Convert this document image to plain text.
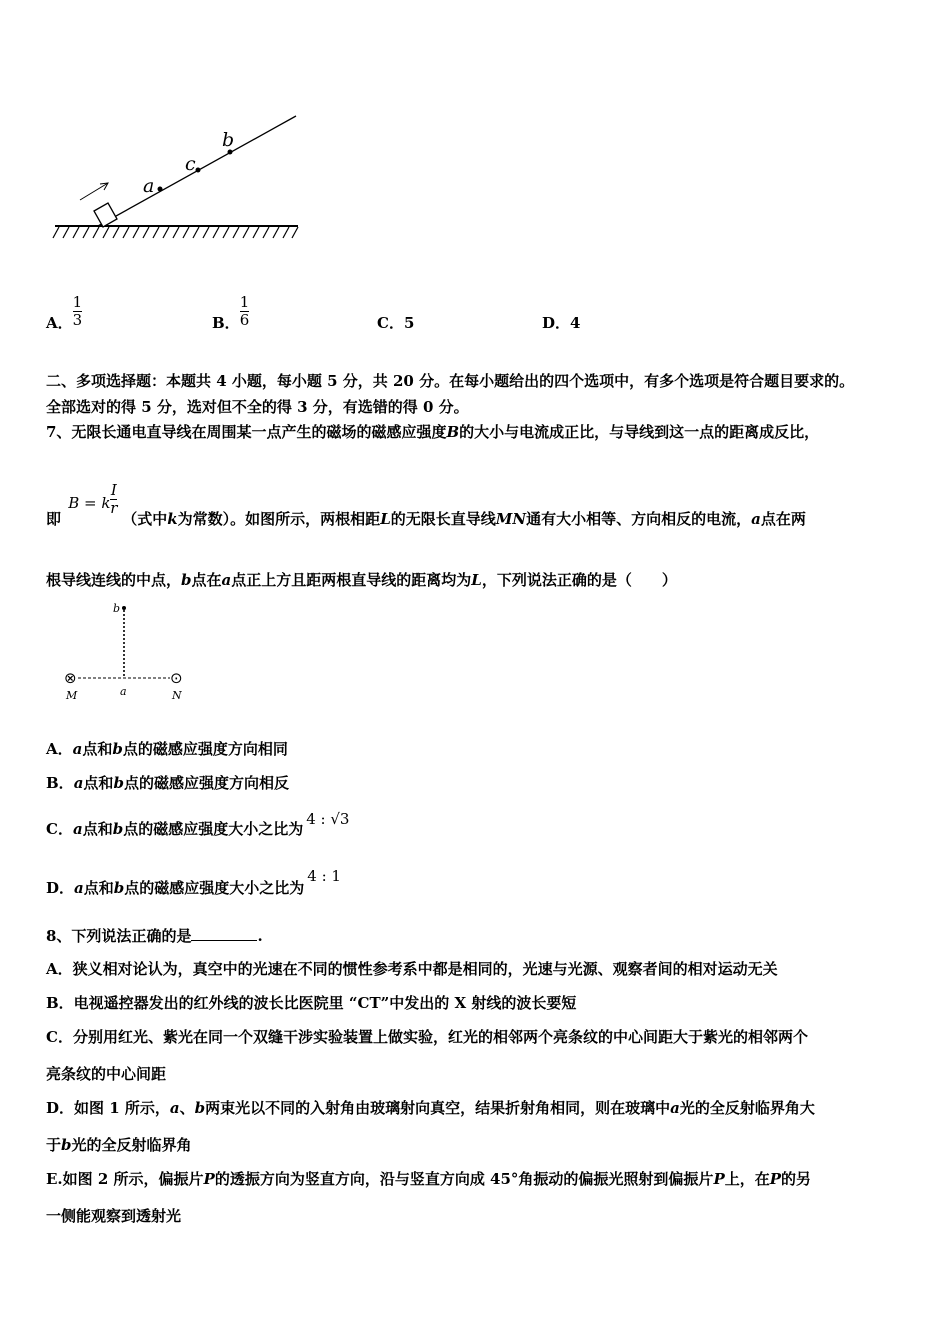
a
c
b
A． $\frac{1}{3}$	B． $\frac{1}{6}$	C．5	D．4
二、多项选择题：本题共 4 小题，每小题 5 分，共 20 分。在每小题给出的四个选项中，有多个选项是符合题目要求的。
全部选对的得 5 分，选对但不全的得 3 分，有选错的得 0 分。
7、无限长通电直导线在周围某一点产生的磁场的磁感应强度B的大小与电流成正比，与导线到这一点的距离成反比，
即
B = k $\frac{I}{r}$
（式中k为常数）。如图所示，两根相距L的无限长直导线MN通有大小相等、方向相反的电流，a点在两
根导线连线的中点，b点在a点正上方且距两根直导线的距离均为L，下列说法正确的是（　　）
b
⊗	⊙
M	a	N
A．a点和b点的磁感应强度方向相同
B．a点和b点的磁感应强度方向相反
C．a点和b点的磁感应强度大小之比为4 : √3
D．a点和b点的磁感应强度大小之比为4 : 1
8、下列说法正确的是	.
A．狭义相对论认为，真空中的光速在不同的惯性参考系中都是相同的，光速与光源、观察者间的相对运动无关
B．电视遥控器发出的红外线的波长比医院里 “CT”中发出的 X 射线的波长要短
C．分别用红光、紫光在同一个双缝干涉实验装置上做实验，红光的相邻两个亮条纹的中心间距大于紫光的相邻两个
亮条纹的中心间距
D．如图 1 所示，a、b两束光以不同的入射角由玻璃射向真空，结果折射角相同，则在玻璃中a光的全反射临界角大
于b光的全反射临界角
E.如图 2 所示，偏振片P的透振方向为竖直方向，沿与竖直方向成 45°角振动的偏振光照射到偏振片P上，在P的另
一侧能观察到透射光
